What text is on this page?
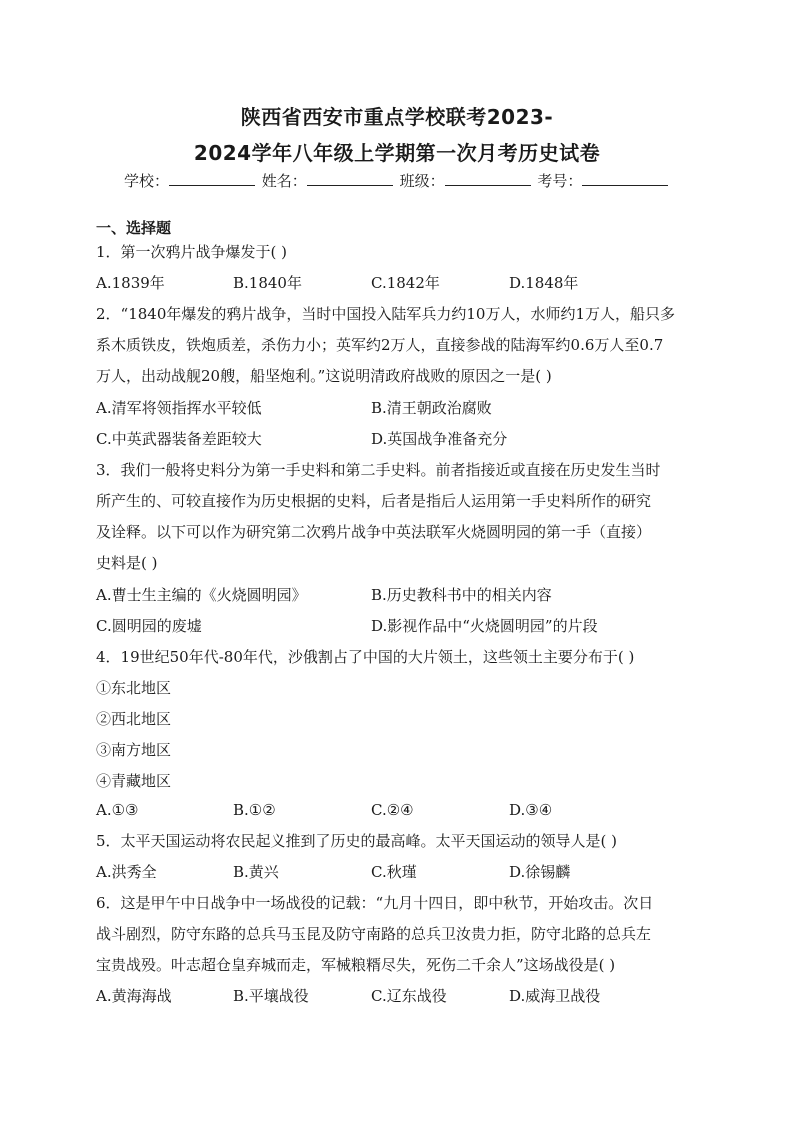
陕西省西安市重点学校联考2023-
2024学年八年级上学期第一次月考历史试卷
学校：	姓名：	班级：	考号：
一、选择题
1．第一次鸦片战争爆发于( )
A.1839年	B.1840年	C.1842年	D.1848年
2．“1840年爆发的鸦片战争，当时中国投入陆军兵力约10万人，水师约1万人，船只多
系木质铁皮，铁炮质差，杀伤力小；英军约2万人，直接参战的陆海军约0.6万人至0.7
万人，出动战舰20艘，船坚炮利。”这说明清政府战败的原因之一是( )
A.清军将领指挥水平较低	B.清王朝政治腐败
C.中英武器装备差距较大	D.英国战争准备充分
3．我们一般将史料分为第一手史料和第二手史料。前者指接近或直接在历史发生当时
所产生的、可较直接作为历史根据的史料，后者是指后人运用第一手史料所作的研究
及诠释。以下可以作为研究第二次鸦片战争中英法联军火烧圆明园的第一手（直接）
史料是( )
A.曹士生主编的《火烧圆明园》	B.历史教科书中的相关内容
C.圆明园的废墟	D.影视作品中“火烧圆明园”的片段
4．19世纪50年代-80年代，沙俄割占了中国的大片领土，这些领土主要分布于( )
①东北地区
②西北地区
③南方地区
④青藏地区
A.①③	B.①②	C.②④	D.③④
5．太平天国运动将农民起义推到了历史的最高峰。太平天国运动的领导人是( )
A.洪秀全	B.黄兴	C.秋瑾	D.徐锡麟
6．这是甲午中日战争中一场战役的记载：“九月十四日，即中秋节，开始攻击。次日
战斗剧烈，防守东路的总兵马玉昆及防守南路的总兵卫汝贵力拒，防守北路的总兵左
宝贵战殁。叶志超仓皇弃城而走，军械粮糈尽失，死伤二千余人”这场战役是( )
A.黄海海战	B.平壤战役	C.辽东战役	D.威海卫战役
